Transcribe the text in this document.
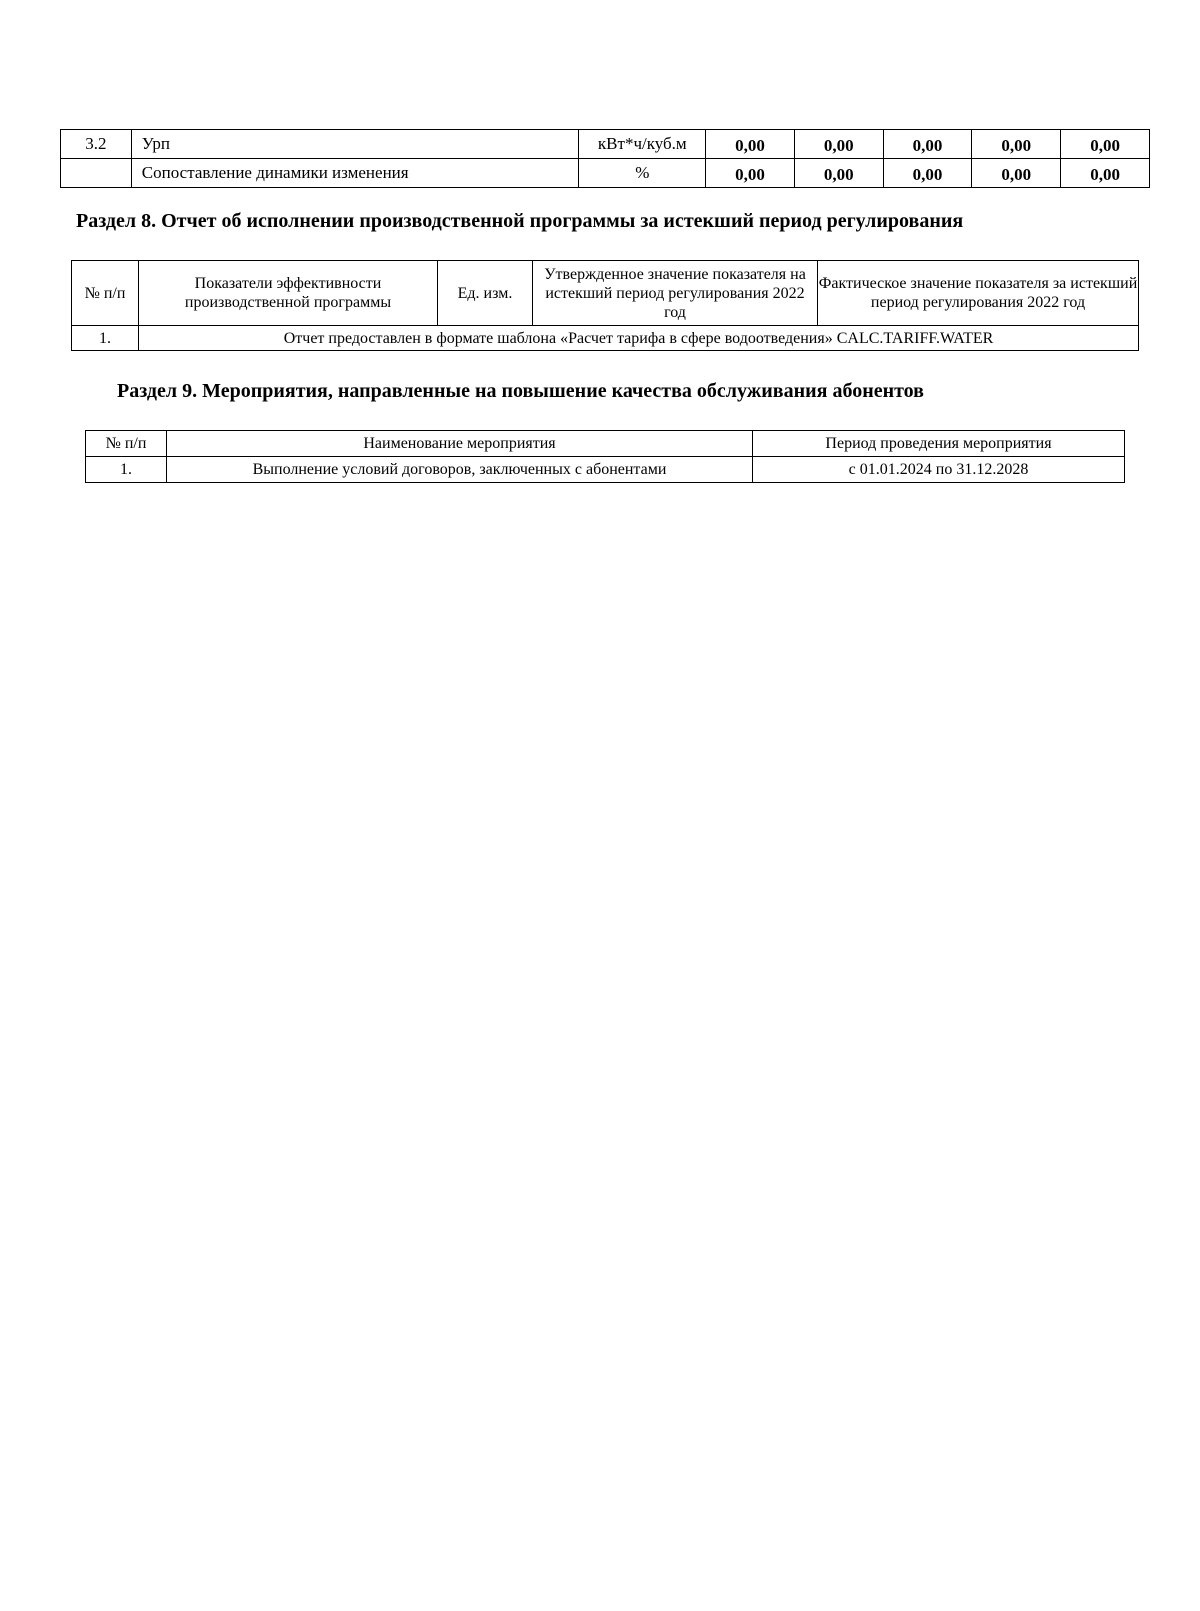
3.2	Урп	кВт*ч/куб.м	0,00	0,00	0,00	0,00	0,00
	Сопоставление динамики изменения	%	0,00	0,00	0,00	0,00	0,00
Раздел 8. Отчет об исполнении производственной программы за истекший период регулирования
№ п/п	Показатели эффективности производственной программы	Ед. изм.	Утвержденное значение показателя на истекший период регулирования 2022 год	Фактическое значение показателя за истекший период регулирования 2022 год
1.	Отчет предоставлен в формате шаблона «Расчет тарифа в сфере водоотведения» CALC.TARIFF.WATER			
Раздел 9. Мероприятия, направленные на повышение качества обслуживания абонентов
№ п/п	Наименование мероприятия	Период проведения мероприятия
1.	Выполнение условий договоров, заключенных с абонентами	с 01.01.2024 по 31.12.2028
